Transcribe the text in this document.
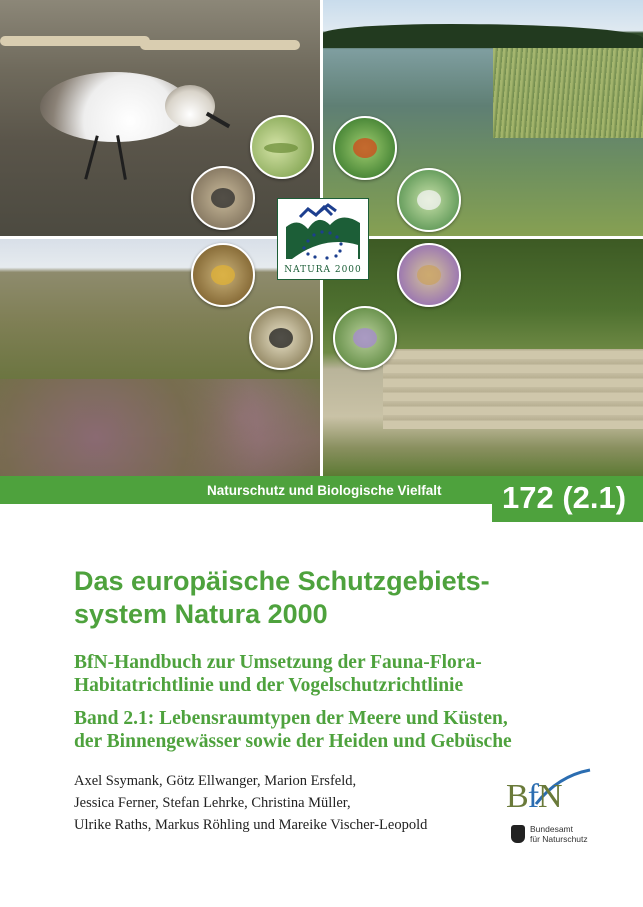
NATURA 2000
Naturschutz und Biologische Vielfalt 172 (2.1)
Das europäische Schutzgebiets-
system Natura 2000
BfN-Handbuch zur Umsetzung der Fauna-Flora-
Habitatrichtlinie und der Vogelschutzrichtlinie
Band 2.1: Lebensraumtypen der Meere und Küsten,
der Binnengewässer sowie der Heiden und Gebüsche
Axel Ssymank, Götz Ellwanger, Marion Ersfeld,
Jessica Ferner, Stefan Lehrke, Christina Müller,
Ulrike Raths, Markus Röhling und Mareike Vischer-Leopold
BfN
Bundesamt
für Naturschutz
